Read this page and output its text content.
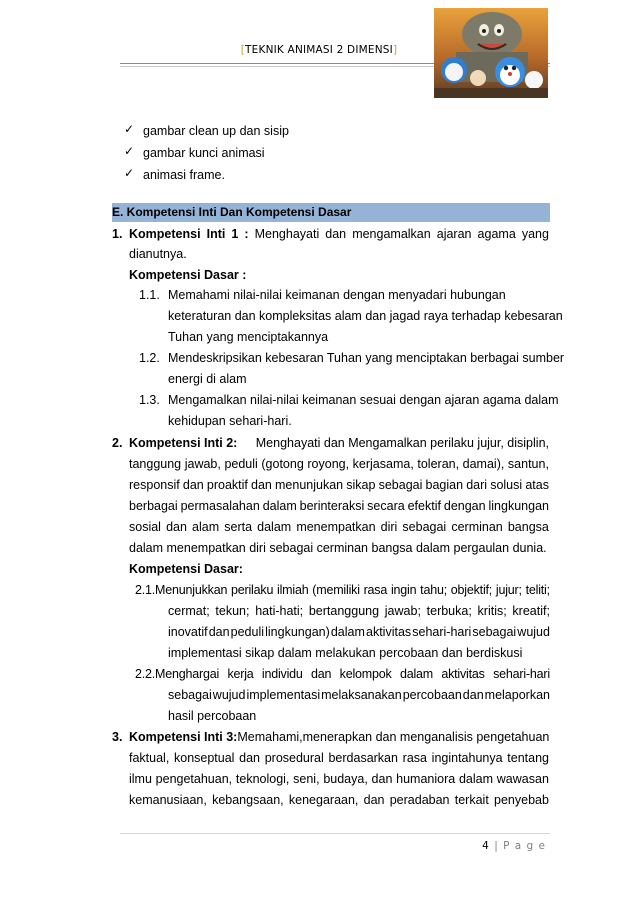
[TEKNIK ANIMASI 2 DIMENSI]
✓ gambar clean up dan sisip
✓ gambar kunci animasi
✓ animasi frame.
E. Kompetensi Inti Dan Kompetensi Dasar
1. Kompetensi Inti 1 : Menghayati dan mengamalkan ajaran agama yang
dianutnya.
Kompetensi Dasar :
1.1. Memahami nilai-nilai keimanan dengan menyadari hubungan
keteraturan dan kompleksitas alam dan jagad raya terhadap kebesaran
Tuhan yang menciptakannya
1.2. Mendeskripsikan kebesaran Tuhan yang menciptakan berbagai sumber
energi di alam
1.3. Mengamalkan nilai-nilai keimanan sesuai dengan ajaran agama dalam
kehidupan sehari-hari.
2. Kompetensi Inti 2: Menghayati dan Mengamalkan perilaku jujur, disiplin,
tanggung jawab, peduli (gotong royong, kerjasama, toleran, damai), santun,
responsif dan proaktif dan menunjukan sikap sebagai bagian dari solusi atas
berbagai permasalahan dalam berinteraksi secara efektif dengan lingkungan
sosial dan alam serta dalam menempatkan diri sebagai cerminan bangsa
dalam menempatkan diri sebagai cerminan bangsa dalam pergaulan dunia.
Kompetensi Dasar:
2.1.Menunjukkan perilaku ilmiah (memiliki rasa ingin tahu; objektif; jujur; teliti;
cermat; tekun; hati-hati; bertanggung jawab; terbuka; kritis; kreatif;
inovatif dan peduli lingkungan) dalam aktivitas sehari-hari sebagai wujud
implementasi sikap dalam melakukan percobaan dan berdiskusi
2.2.Menghargai kerja individu dan kelompok dalam aktivitas sehari-hari
sebagai wujud implementasi melaksanakan percobaan dan melaporkan
hasil percobaan
3. Kompetensi Inti 3: Memahami,menerapkan dan menganalisis pengetahuan
faktual, konseptual dan prosedural berdasarkan rasa ingintahunya tentang
ilmu pengetahuan, teknologi, seni, budaya, dan humaniora dalam wawasan
kemanusiaan, kebangsaan, kenegaraan, dan peradaban terkait penyebab
4 | P a g e
